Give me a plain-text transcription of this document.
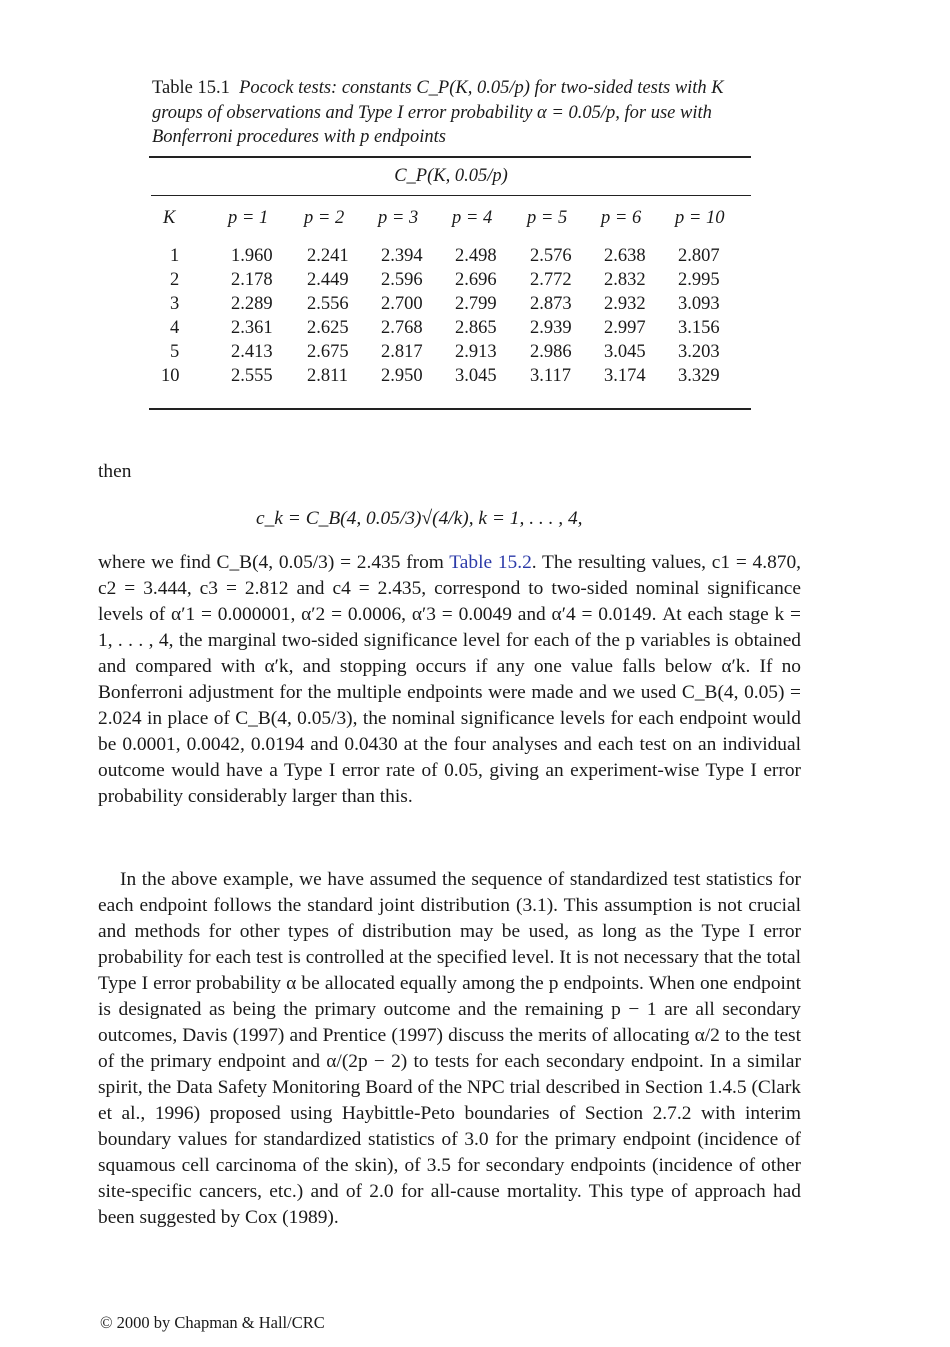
Table 15.1 Pocock tests: constants C_P(K, 0.05/p) for two-sided tests with K groups of observations and Type I error probability α = 0.05/p, for use with Bonferroni procedures with p endpoints

C_P(K, 0.05/p)
K	p = 1 p = 2 p = 3 p = 4 p = 5 p = 6 p = 10
1	1.960 2.241 2.394 2.498 2.576 2.638 2.807
2	2.178 2.449 2.596 2.696 2.772 2.832 2.995
3	2.289 2.556 2.700 2.799 2.873 2.932 3.093
4	2.361 2.625 2.768 2.865 2.939 2.997 3.156
5	2.413 2.675 2.817 2.913 2.986 3.045 3.203
10	2.555 2.811 2.950 3.045 3.117 3.174 3.329
then
c_k = C_B(4, 0.05/3)√(4/k), k = 1, . . . , 4,

where we find C_B(4, 0.05/3) = 2.435 from Table 15.2. The resulting values, c1 = 4.870, c2 = 3.444, c3 = 2.812 and c4 = 2.435, correspond to two-sided nominal significance levels of α′1 = 0.000001, α′2 = 0.0006, α′3 = 0.0049 and α′4 = 0.0149. At each stage k = 1, . . . , 4, the marginal two-sided significance level for each of the p variables is obtained and compared with α′k, and stopping occurs if any one value falls below α′k. If no Bonferroni adjustment for the multiple endpoints were made and we used C_B(4, 0.05) = 2.024 in place of C_B(4, 0.05/3), the nominal significance levels for each endpoint would be 0.0001, 0.0042, 0.0194 and 0.0430 at the four analyses and each test on an individual outcome would have a Type I error rate of 0.05, giving an experiment-wise Type I error probability considerably larger than this.

In the above example, we have assumed the sequence of standardized test statistics for each endpoint follows the standard joint distribution (3.1). This assumption is not crucial and methods for other types of distribution may be used, as long as the Type I error probability for each test is controlled at the specified level. It is not necessary that the total Type I error probability α be allocated equally among the p endpoints. When one endpoint is designated as being the primary outcome and the remaining p − 1 are all secondary outcomes, Davis (1997) and Prentice (1997) discuss the merits of allocating α/2 to the test of the primary endpoint and α/(2p − 2) to tests for each secondary endpoint. In a similar spirit, the Data Safety Monitoring Board of the NPC trial described in Section 1.4.5 (Clark et al., 1996) proposed using Haybittle-Peto boundaries of Section 2.7.2 with interim boundary values for standardized statistics of 3.0 for the primary endpoint (incidence of squamous cell carcinoma of the skin), of 3.5 for secondary endpoints (incidence of other site-specific cancers, etc.) and of 2.0 for all-cause mortality. This type of approach had been suggested by Cox (1989).

© 2000 by Chapman & Hall/CRC
